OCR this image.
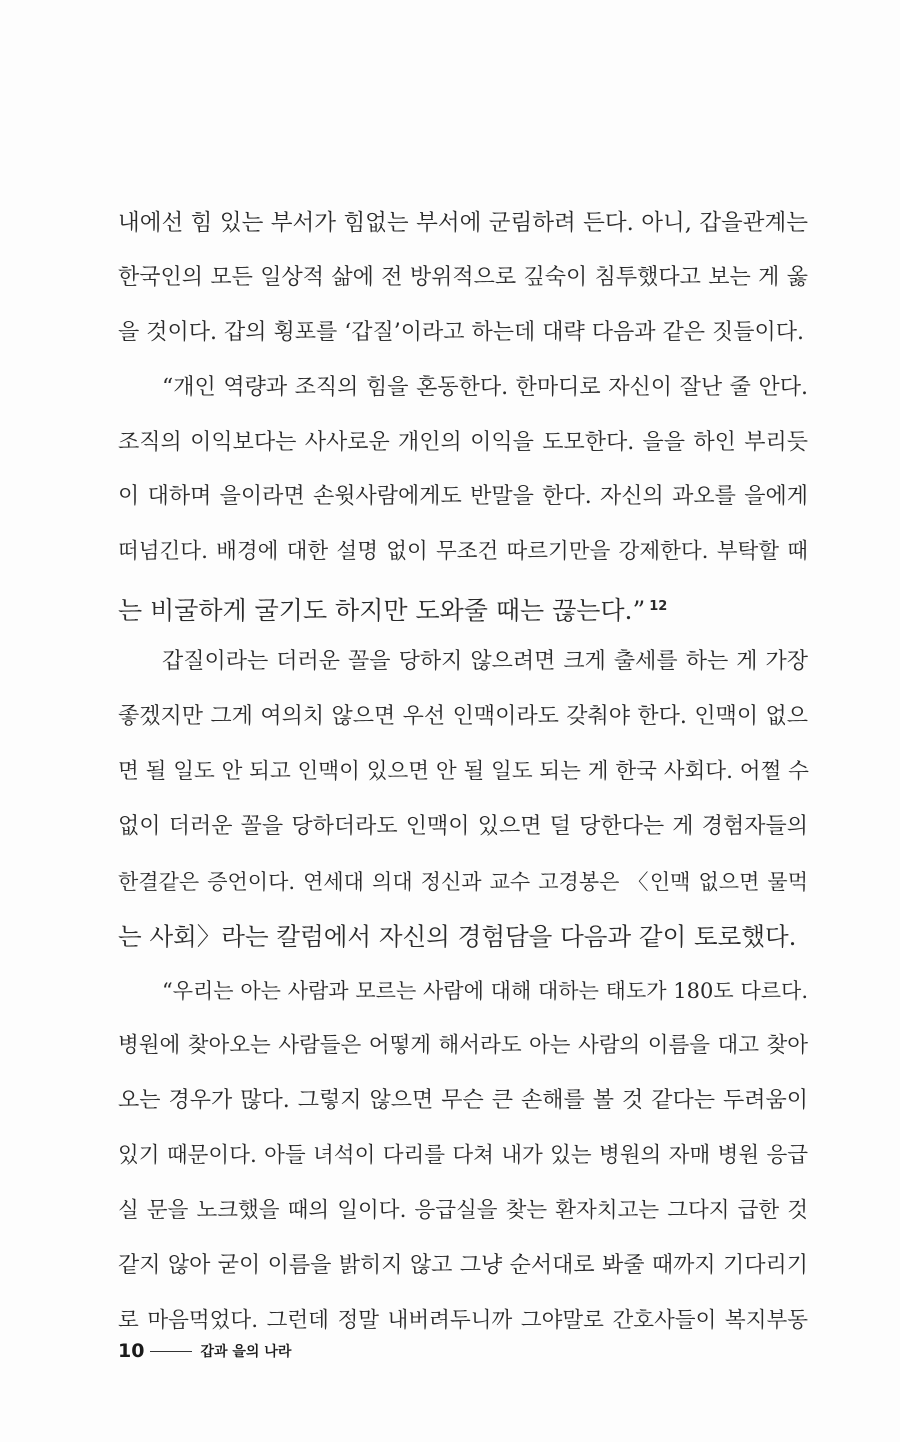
내에선 힘 있는 부서가 힘없는 부서에 군림하려 든다. 아니, 갑을관계는
한국인의 모든 일상적 삶에 전 방위적으로 깊숙이 침투했다고 보는 게 옳
을 것이다. 갑의 횡포를 ‘갑질’이라고 하는데 대략 다음과 같은 짓들이다.
“개인 역량과 조직의 힘을 혼동한다. 한마디로 자신이 잘난 줄 안다.
조직의 이익보다는 사사로운 개인의 이익을 도모한다. 을을 하인 부리듯
이 대하며 을이라면 손윗사람에게도 반말을 한다. 자신의 과오를 을에게
떠넘긴다. 배경에 대한 설명 없이 무조건 따르기만을 강제한다. 부탁할 때
는 비굴하게 굴기도 하지만 도와줄 때는 끊는다.” $^{12}$
갑질이라는 더러운 꼴을 당하지 않으려면 크게 출세를 하는 게 가장
좋겠지만 그게 여의치 않으면 우선 인맥이라도 갖춰야 한다. 인맥이 없으
면 될 일도 안 되고 인맥이 있으면 안 될 일도 되는 게 한국 사회다. 어쩔 수
없이 더러운 꼴을 당하더라도 인맥이 있으면 덜 당한다는 게 경험자들의
한결같은 증언이다. 연세대 의대 정신과 교수 고경봉은 〈인맥 없으면 물먹
는 사회〉라는 칼럼에서 자신의 경험담을 다음과 같이 토로했다.
“우리는 아는 사람과 모르는 사람에 대해 대하는 태도가 180도 다르다.
병원에 찾아오는 사람들은 어떻게 해서라도 아는 사람의 이름을 대고 찾아
오는 경우가 많다. 그렇지 않으면 무슨 큰 손해를 볼 것 같다는 두려움이
있기 때문이다. 아들 녀석이 다리를 다쳐 내가 있는 병원의 자매 병원 응급
실 문을 노크했을 때의 일이다. 응급실을 찾는 환자치고는 그다지 급한 것
같지 않아 굳이 이름을 밝히지 않고 그냥 순서대로 봐줄 때까지 기다리기
로 마음먹었다. 그런데 정말 내버려두니까 그야말로 간호사들이 복지부동
10	갑과 을의 나라
